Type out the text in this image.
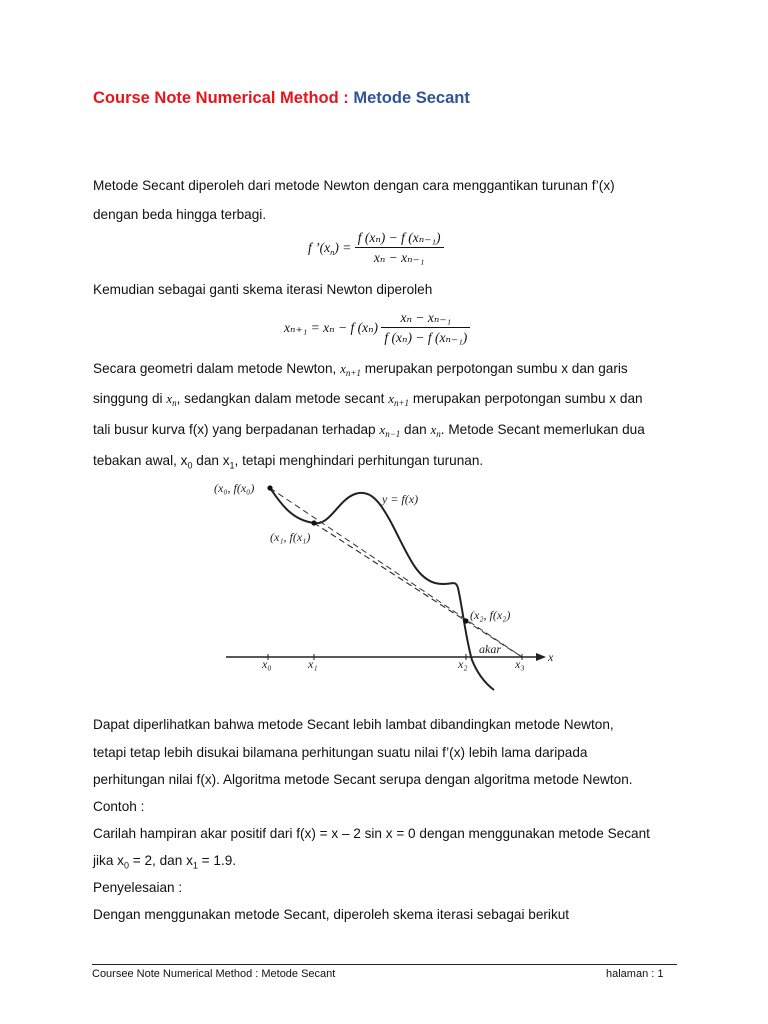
Course Note Numerical Method : Metode Secant
Metode Secant diperoleh dari metode Newton dengan cara menggantikan turunan f’(x)
dengan beda hingga terbagi.
f $’(x_n) = \frac{\text{f (xₙ) − f (xₙ₋₁)}}{\text{xₙ − xₙ₋₁}}$
Kemudian sebagai ganti skema iterasi Newton diperoleh
xₙ₊₁ = xₙ − f $(x_n) \frac{\text{xₙ − xₙ₋₁}}{\text{f (xₙ) − f (xₙ₋₁)}}$
Secara geometri dalam metode Newton, $x_{n+1}$ merupakan perpotongan sumbu x dan garis
singgung di $x_n$, sedangkan dalam metode secant $x_{n+1}$ merupakan perpotongan sumbu x dan
tali busur kurva f(x) yang berpadanan terhadap $x_{n-1}$ dan $x_n$. Metode Secant memerlukan dua
tebakan awal, $x_0$ dan $x_1$, tetapi menghindari perhitungan turunan.
(x₀, f(x₀)
y = f(x)
(x₁, f(x₁)
(x₂, f(x₂)
akar
x
x₀	x₁	x₂	x₃
Dapat diperlihatkan bahwa metode Secant lebih lambat dibandingkan metode Newton,
tetapi tetap lebih disukai bilamana perhitungan suatu nilai f’(x) lebih lama daripada
perhitungan nilai f(x). Algoritma metode Secant serupa dengan algoritma metode Newton.
Contoh :
Carilah hampiran akar positif dari f(x) = x – 2 sin x = 0 dengan menggunakan metode Secant
jika $x_0 = 2$, dan $x_1 = 1.9$.
Penyelesaian :
Dengan menggunakan metode Secant, diperoleh skema iterasi sebagai berikut
Coursee Note Numerical Method : Metode Secant	halaman : 1
